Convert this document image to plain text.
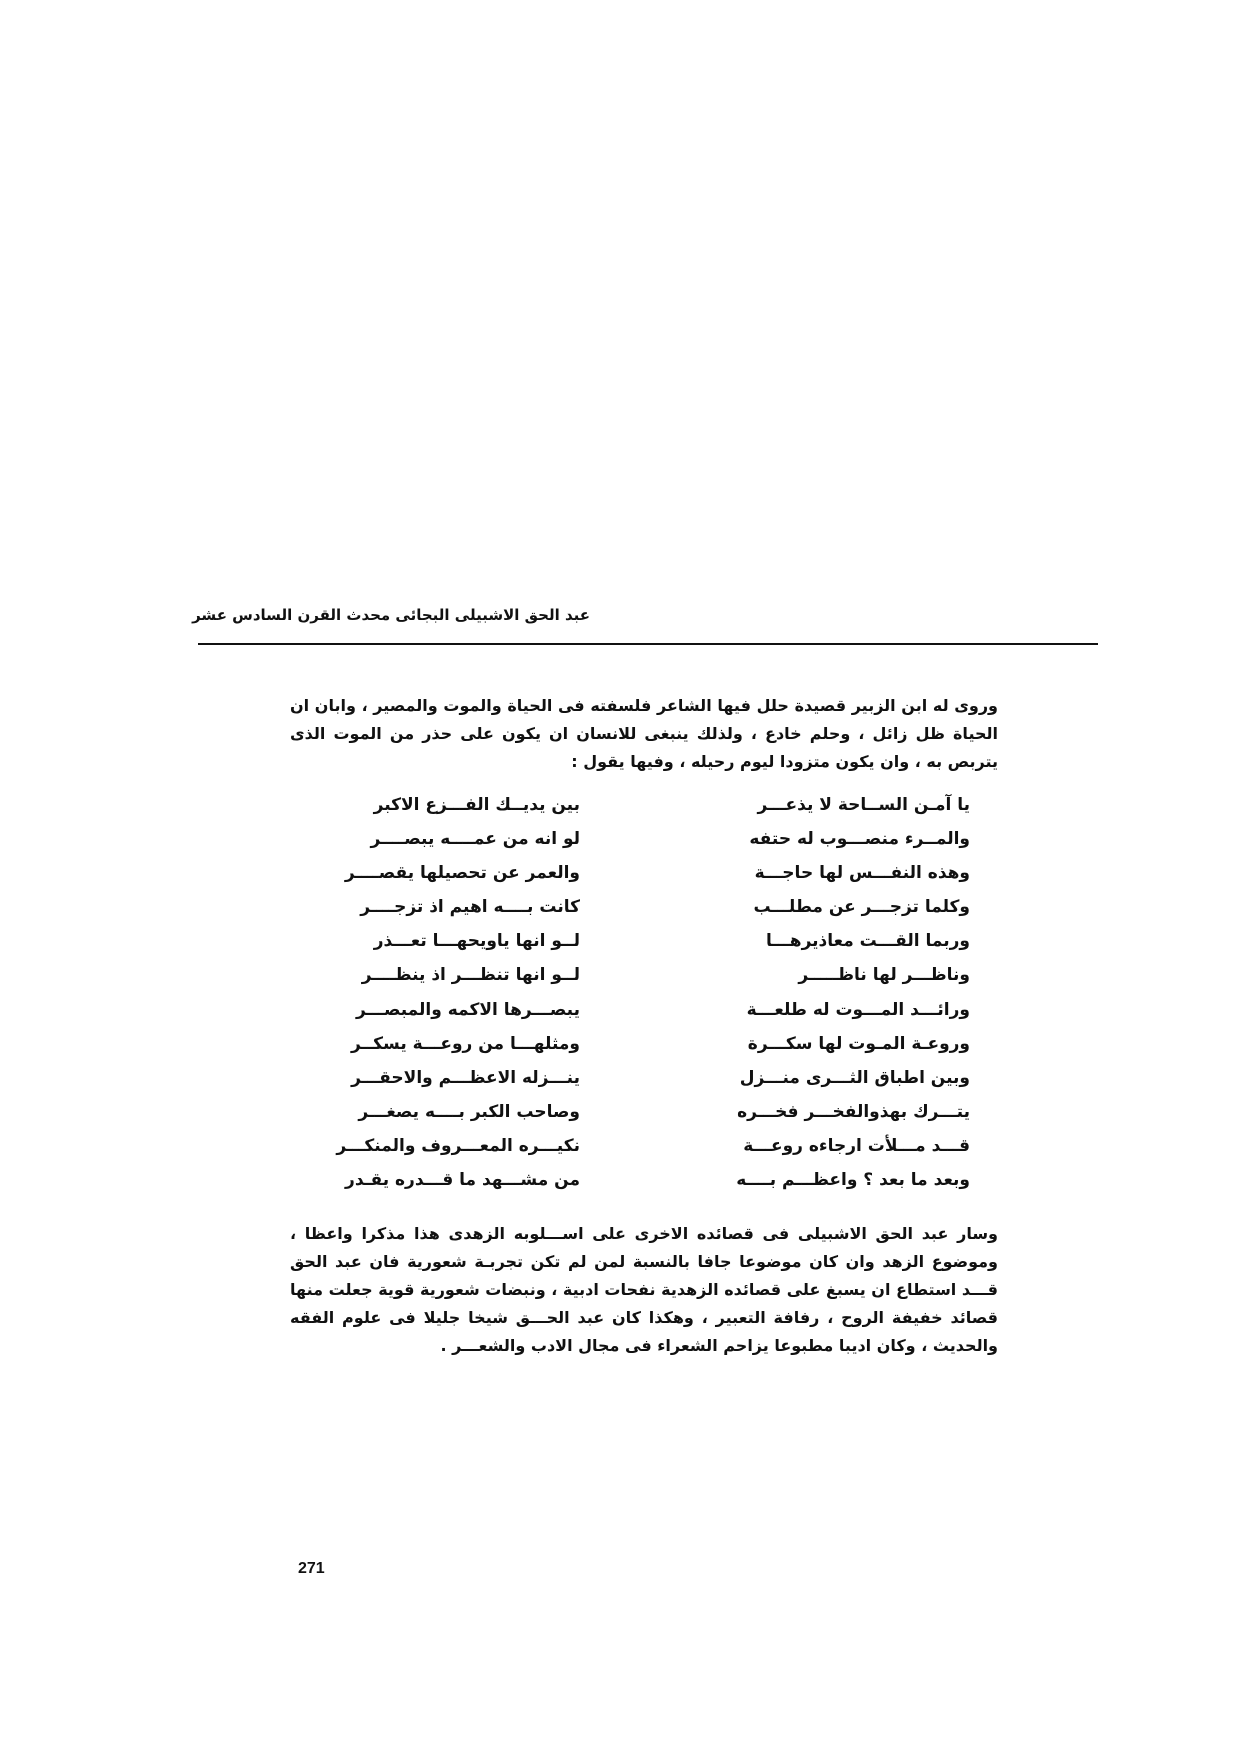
عبد الحق الاشبيلى البجائى محدث القرن السادس عشر

وروى له ابن الزبير قصيدة حلل فيها الشاعر فلسفته فى الحياة والموت والمصير ، وابان ان الحياة ظل زائل ، وحلم خادع ، ولذلك ينبغى للانسان ان يكون على حذر من الموت الذى يتربص به ، وان يكون متزودا ليوم رحيله ، وفيها يقول :

يا آمـن الســاحة لا يذعـــر
بين يديــك الفـــزع الاكبر
والمــرء منصـــوب له حتفه
لو انه من عمــــه يبصــــر
وهذه النفـــس لها حاجـــة
والعمر عن تحصيلها يقصــــر
وكلما تزجـــر عن مطلـــب
كانت بــــه اهيم اذ تزجــــر
وربما القـــت معاذيرهـــا
لــو انها ياويحهـــا تعـــذر
وناظـــر لها ناظـــــر
لــو انها تنظـــر اذ ينظــــر
ورائـــد المـــوت له طلعـــة
يبصـــرها الاكمه والمبصـــر
وروعـة المـوت لها سكـــرة
ومثلهـــا من روعـــة يسكــر
وبين اطباق الثـــرى منـــزل
ينـــزله الاعظـــم والاحقـــر
يتـــرك بهذوالفخـــر فخـــره
وصاحب الكبر بــــه يصغـــر
قـــد مـــلأت ارجاءه روعـــة
نكيـــره المعـــروف والمنكـــر
وبعد ما بعد ؟ واعظـــم بــــه
من مشـــهد ما قـــدره يقـدر

وسار عبد الحق الاشبيلى فى قصائده الاخرى على اســـلوبه الزهدى هذا مذكرا واعظا ، وموضوع الزهد وان كان موضوعا جافا بالنسبة لمن لم تكن تجربـة شعورية فان عبد الحق قـــد استطاع ان يسبغ على قصائده الزهدية نفحات ادبية ، ونبضات شعورية قوية جعلت منها قصائد خفيفة الروح ، رفافة التعبير ، وهكذا كان عبد الحـــق شيخا جليلا فى علوم الفقه والحديث ، وكان اديبا مطبوعا يزاحم الشعراء فى مجال الادب والشعـــر .

271
